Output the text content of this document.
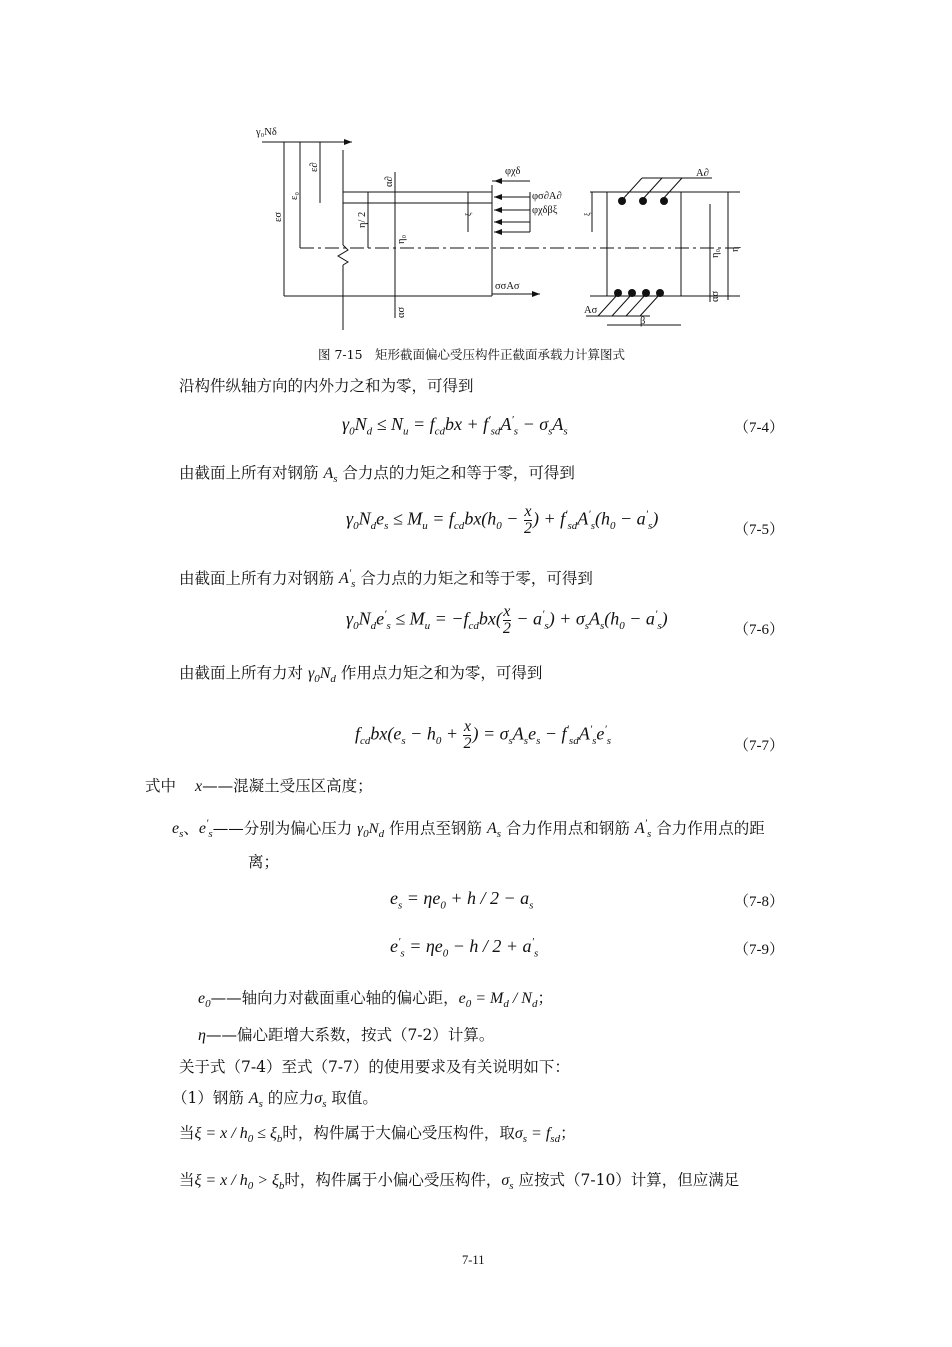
γ₀Nδ
ε∂
ε₀
εσ	η/ 2
α∂
η₀
φχδ
φσ∂Α∂
φχδβξ
ξ	ξ
σσΑσ
ασ
Α∂
Ασ
β
η₀ η
ασ
图 7-15　矩形截面偏心受压构件正截面承载力计算图式
沿构件纵轴方向的内外力之和为零，可得到
$\gamma_0N_d \le N_u = f_{cd}bx + f'_{sd}A'_s - \sigma_sA_s$	（7-4）
由截面上所有对钢筋 $A_s$ 合力点的力矩之和等于零，可得到
$\gamma_0N_de_s \le M_u = f_{cd}bx(h_0 - \frac{x}{2}$ ) + $f'_{sd}A'_s(h_0 - a'_s)$
（7-5）
由截面上所有力对钢筋 $A'_s$ 合力点的力矩之和等于零，可得到
$\gamma_0N_de'_s \le M_u = -f_{cd}bx( \frac{x}{2} - a'_s) + \sigma_sA_s(h_0 - a'_s)$
（7-6）
由截面上所有力对 $\gamma_0N_d$ 作用点力矩之和为零，可得到
$f_{cd}bx(e_s - h_0 + \frac{x}{2}$ ) = $\sigma_sA_se_s - f'_{sd}A'_se'_s$	（7-7）
式中 x——混凝土受压区高度；
$e_s$、$e'_s——$分别为偏心压力 $\gamma_0N_d$ 作用点至钢筋 $A_s$ 合力作用点和钢筋 $A'_s$ 合力作用点的距
离；
$e_s = \eta e_0 + h / 2 - a_s$	（7-8）
$e'_s = \eta e_0 - h / 2 + a'_s$	（7-9）
$e_0——$轴向力对截面重心轴的偏心距，$e_0 = M_d / N_d$；
η——偏心距增大系数，按式（7-2）计算。
关于式（7-4）至式（7-7）的使用要求及有关说明如下：
（1）钢筋 $A_s$ 的应力$\sigma_s$ 取值。
当$\xi = x / h_0 \le \xi_b$时，构件属于大偏心受压构件，取$\sigma_s = f_{sd}$；
当$\xi = x / h_0 > \xi_b$时，构件属于小偏心受压构件，$\sigma_s$ 应按式（7-10）计算，但应满足
7-11
